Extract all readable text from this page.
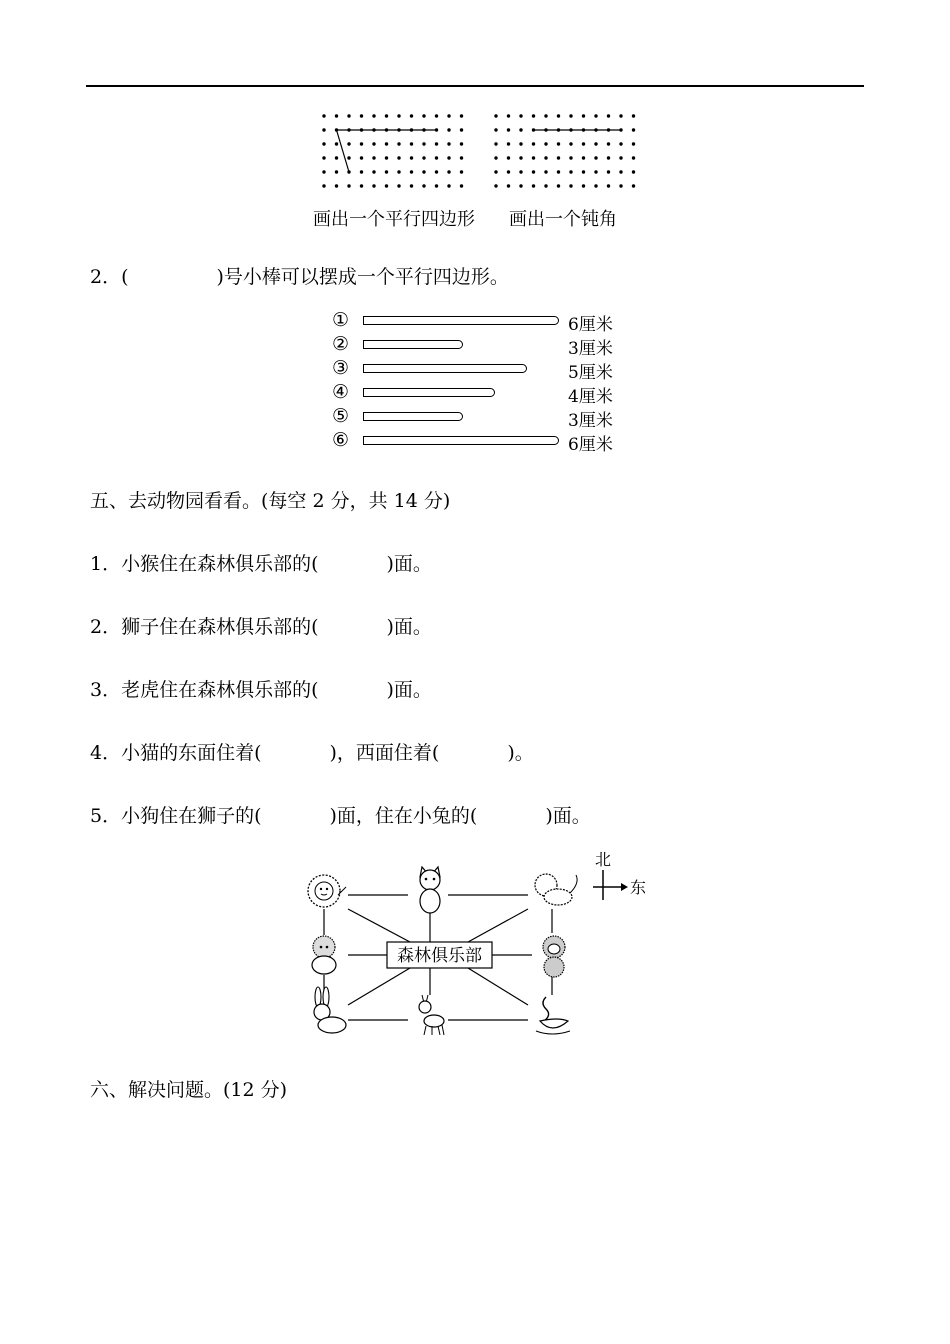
画出一个平行四边形 画出一个钝角
2．(	)号小棒可以摆成一个平行四边形。
①	6厘米
②	3厘米
③	5厘米
④	4厘米
⑤	3厘米
⑥	6厘米
五、去动物园看看。(每空 2 分，共 14 分)
1．小猴住在森林俱乐部的(	)面。
2．狮子住在森林俱乐部的(	)面。
3．老虎住在森林俱乐部的(	)面。
4．小猫的东面住着(	)，西面住着(	)。
5．小狗住在狮子的(	)面，住在小兔的(	)面。
森林俱乐部
北
东
六、解决问题。(12 分)
